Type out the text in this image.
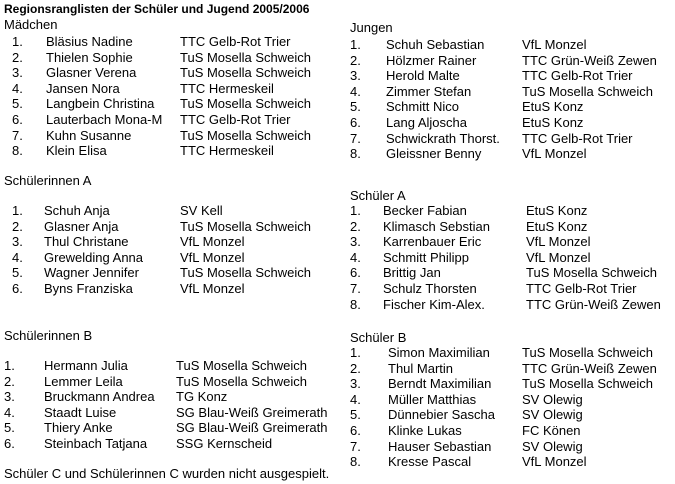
Regionsranglisten der Schüler und Jugend 2005/2006
Mädchen
1.	Bläsius Nadine	TTC Gelb-Rot Trier
2.	Thielen Sophie	TuS Mosella Schweich
3.	Glasner Verena	TuS Mosella Schweich
4.	Jansen Nora	TTC Hermeskeil
5.	Langbein Christina	TuS Mosella Schweich
6.	Lauterbach Mona-M	TTC Gelb-Rot Trier
7.	Kuhn Susanne	TuS Mosella Schweich
8.	Klein Elisa	TTC Hermeskeil
Jungen
1.	Schuh Sebastian	VfL Monzel
2.	Hölzmer Rainer	TTC Grün-Weiß Zewen
3.	Herold Malte	TTC Gelb-Rot Trier
4.	Zimmer Stefan	TuS Mosella Schweich
5.	Schmitt Nico	EtuS Konz
6.	Lang Aljoscha	EtuS Konz
7.	Schwickrath Thorst.	TTC Gelb-Rot Trier
8.	Gleissner Benny	VfL Monzel
Schülerinnen A
1.	Schuh Anja	SV Kell
2.	Glasner Anja	TuS Mosella Schweich
3.	Thul Christane	VfL Monzel
4.	Grewelding Anna	VfL Monzel
5.	Wagner Jennifer	TuS Mosella Schweich
6.	Byns Franziska	VfL Monzel
Schüler A
1.	Becker Fabian	EtuS Konz
2.	Klimasch Sebstian	EtuS Konz
3.	Karrenbauer Eric	VfL Monzel
4.	Schmitt Philipp	VfL Monzel
6.	Brittig Jan	TuS Mosella Schweich
7.	Schulz Thorsten	TTC Gelb-Rot Trier
8.	Fischer Kim-Alex.	TTC Grün-Weiß Zewen
Schülerinnen B
1.	Hermann Julia	TuS Mosella Schweich
2.	Lemmer Leila	TuS Mosella Schweich
3.	Bruckmann Andrea	TG Konz
4.	Staadt Luise	SG Blau-Weiß Greimerath
5.	Thiery Anke	SG Blau-Weiß Greimerath
6.	Steinbach Tatjana	SSG Kernscheid
Schüler B
1.	Simon Maximilian	TuS Mosella Schweich
2.	Thul Martin	TTC Grün-Weiß Zewen
3.	Berndt Maximilian	TuS Mosella Schweich
4.	Müller Matthias	SV Olewig
5.	Dünnebier Sascha	SV Olewig
6.	Klinke Lukas	FC Könen
7.	Hauser Sebastian	SV Olewig
8.	Kresse Pascal	VfL Monzel
Schüler C und Schülerinnen C wurden nicht ausgespielt.
